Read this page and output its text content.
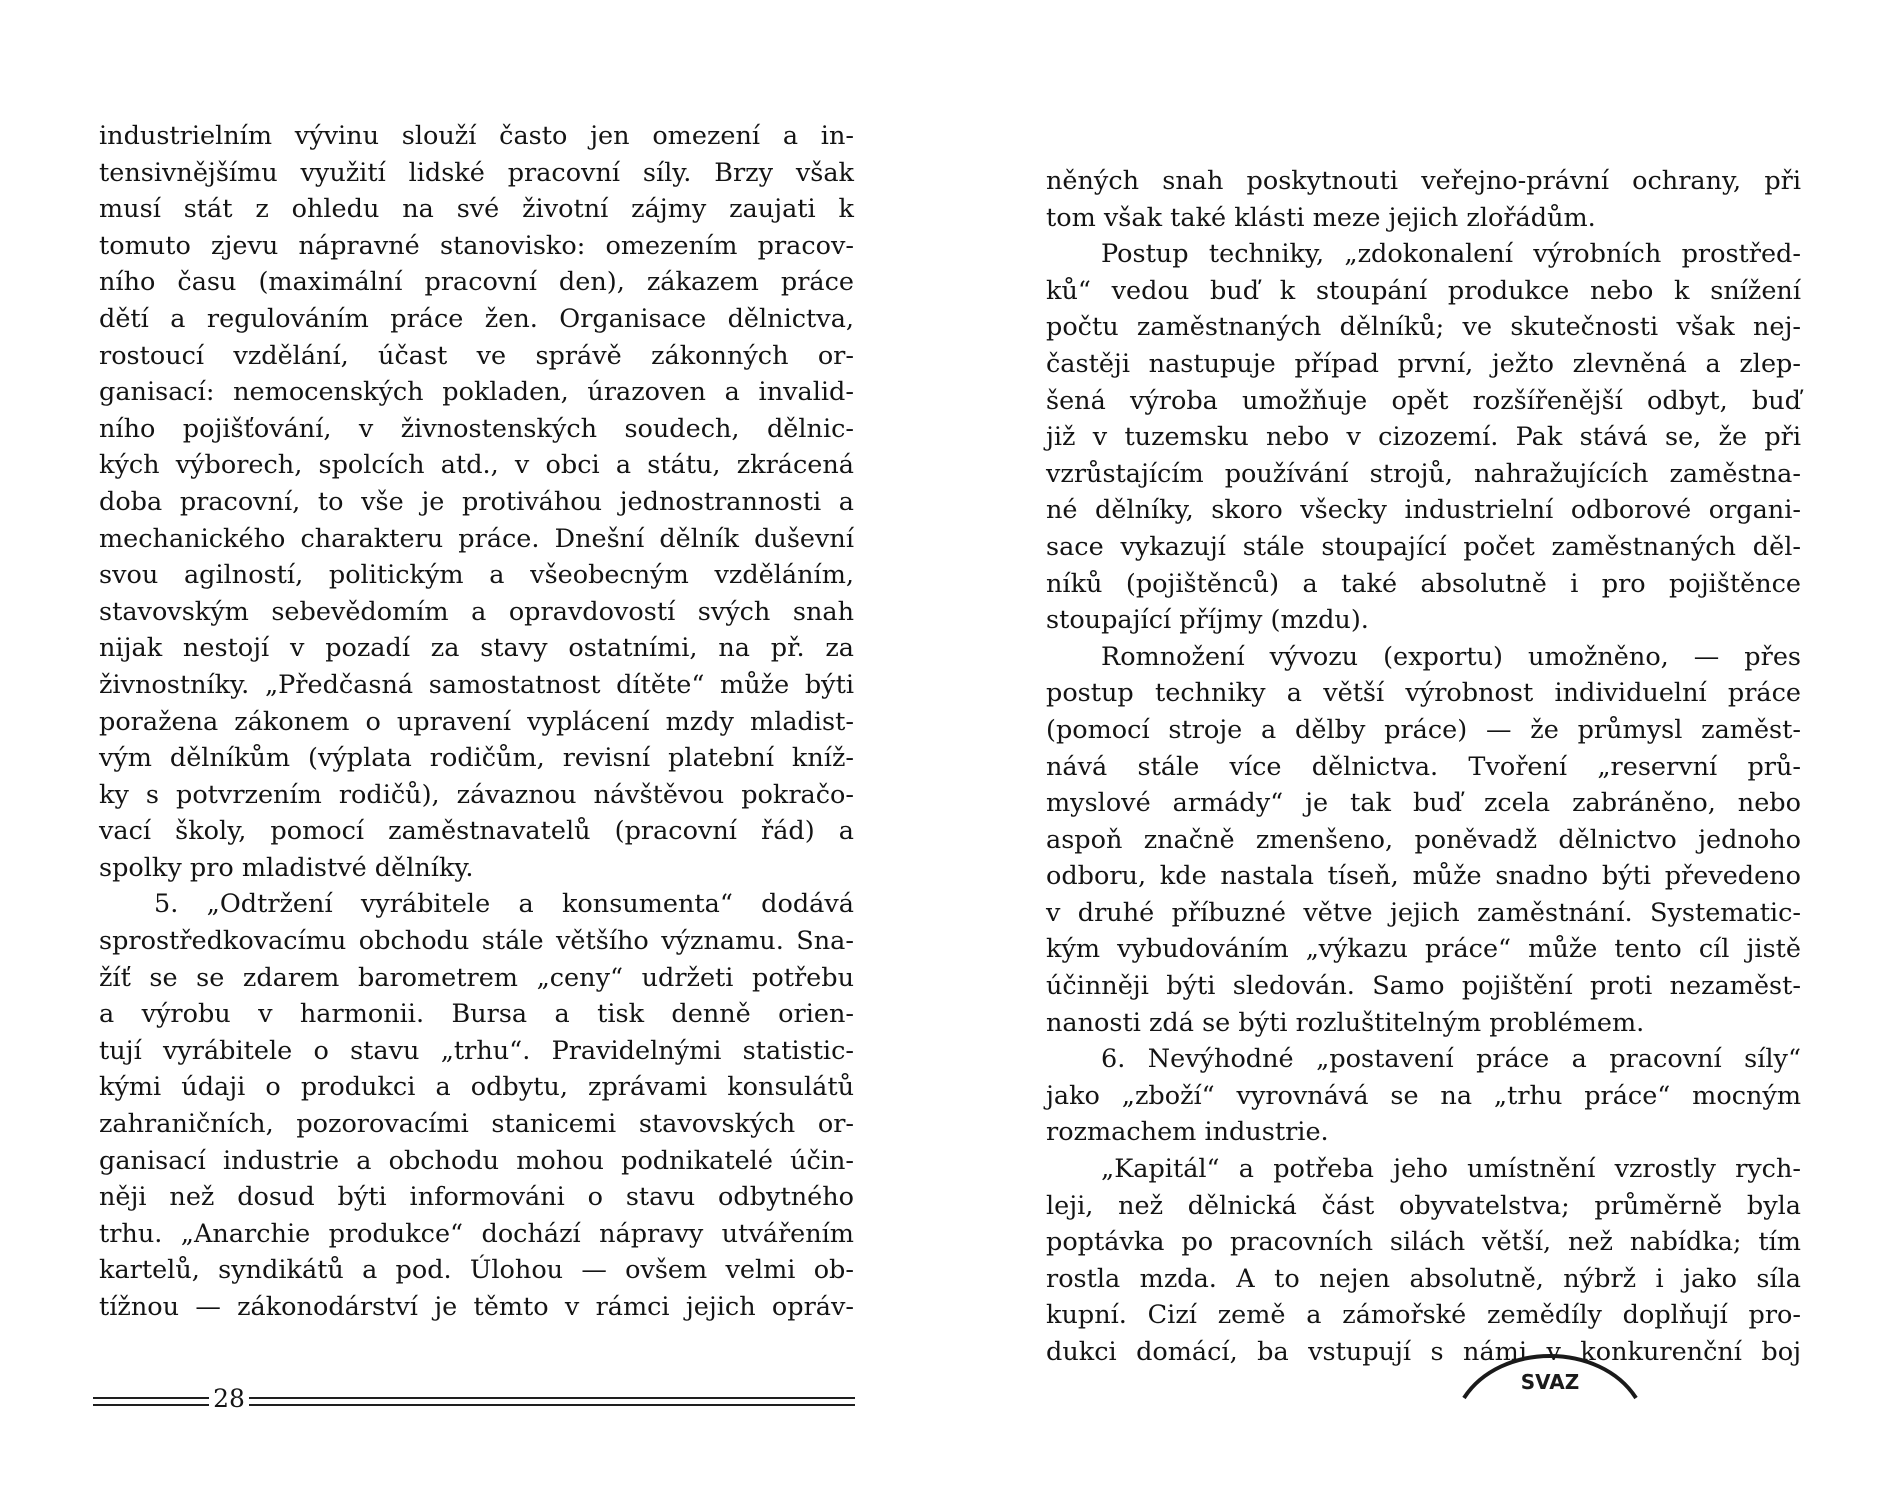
industrielním vývinu slouží často jen omezení a in-
tensivnějšímu využití lidské pracovní síly. Brzy však
musí stát z ohledu na své životní zájmy zaujati k
tomuto zjevu nápravné stanovisko: omezením pracov-
ního času (maximální pracovní den), zákazem práce
dětí a regulováním práce žen. Organisace dělnictva,
rostoucí vzdělání, účast ve správě zákonných or-
ganisací: nemocenských pokladen, úrazoven a invalid-
ního pojišťování, v živnostenských soudech, dělnic-
kých výborech, spolcích atd., v obci a státu, zkrácená
doba pracovní, to vše je protiváhou jednostrannosti a
mechanického charakteru práce. Dnešní dělník duševní
svou agilností, politickým a všeobecným vzděláním,
stavovským sebevědomím a opravdovostí svých snah
nijak nestojí v pozadí za stavy ostatními, na př. za
živnostníky. „Předčasná samostatnost dítěte“ může býti
poražena zákonem o upravení vyplácení mzdy mladist-
vým dělníkům (výplata rodičům, revisní platební kníž-
ky s potvrzením rodičů), závaznou návštěvou pokračo-
vací školy, pomocí zaměstnavatelů (pracovní řád) a
spolky pro mladistvé dělníky.
5. „Odtržení vyrábitele a konsumenta“ dodává
sprostředkovacímu obchodu stále většího významu. Sna-
žíť se se zdarem barometrem „ceny“ udržeti potřebu
a výrobu v harmonii. Bursa a tisk denně orien-
tují vyrábitele o stavu „trhu“. Pravidelnými statistic-
kými údaji o produkci a odbytu, zprávami konsulátů
zahraničních, pozorovacími stanicemi stavovských or-
ganisací industrie a obchodu mohou podnikatelé účin-
něji než dosud býti informováni o stavu odbytného
trhu. „Anarchie produkce“ dochází nápravy utvářením
kartelů, syndikátů a pod. Úlohou — ovšem velmi ob-
tížnou — zákonodárství je těmto v rámci jejich opráv-
28
něných snah poskytnouti veřejno-právní ochrany, při
tom však také klásti meze jejich zlořádům.
Postup techniky, „zdokonalení výrobních prostřed-
ků“ vedou buď k stoupání produkce nebo k snížení
počtu zaměstnaných dělníků; ve skutečnosti však nej-
častěji nastupuje případ první, ježto zlevněná a zlep-
šená výroba umožňuje opět rozšířenější odbyt, buď
již v tuzemsku nebo v cizozemí. Pak stává se, že při
vzrůstajícím používání strojů, nahražujících zaměstna-
né dělníky, skoro všecky industrielní odborové organi-
sace vykazují stále stoupající počet zaměstnaných děl-
níků (pojištěnců) a také absolutně i pro pojištěnce
stoupající příjmy (mzdu).
Romnožení vývozu (exportu) umožněno, — přes
postup techniky a větší výrobnost individuelní práce
(pomocí stroje a dělby práce) — že průmysl zaměst-
nává stále více dělnictva. Tvoření „reservní prů-
myslové armády“ je tak buď zcela zabráněno, nebo
aspoň značně zmenšeno, poněvadž dělnictvo jednoho
odboru, kde nastala tíseň, může snadno býti převedeno
v druhé příbuzné větve jejich zaměstnání. Systematic-
kým vybudováním „výkazu práce“ může tento cíl jistě
účinněji býti sledován. Samo pojištění proti nezaměst-
nanosti zdá se býti rozluštitelným problémem.
6. Nevýhodné „postavení práce a pracovní síly“
jako „zboží“ vyrovnává se na „trhu práce“ mocným
rozmachem industrie.
„Kapitál“ a potřeba jeho umístnění vzrostly rych-
leji, než dělnická část obyvatelstva; průměrně byla
poptávka po pracovních silách větší, než nabídka; tím
rostla mzda. A to nejen absolutně, nýbrž i jako síla
kupní. Cizí země a zámořské zemědíly doplňují pro-
dukci domácí, ba vstupují s námi v konkurenční boj
SVAZ
